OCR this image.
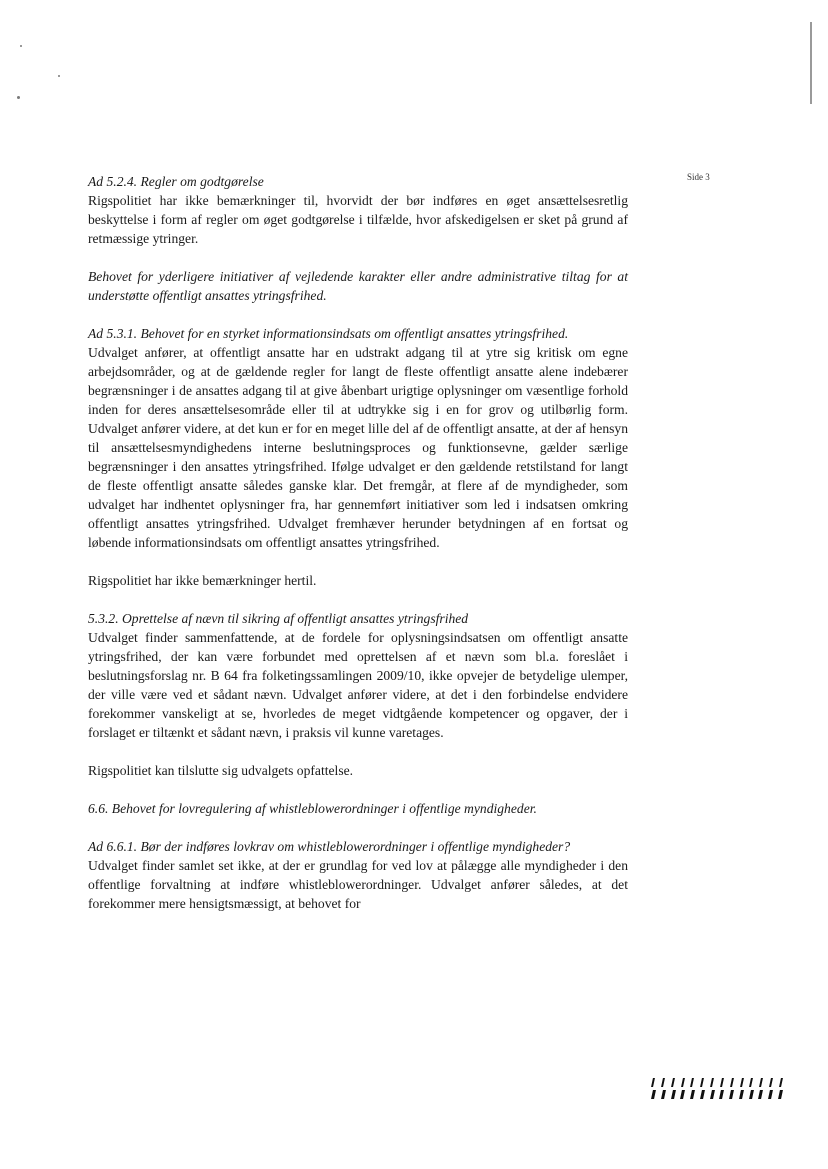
Side 3

Ad 5.2.4. Regler om godtgørelse

Rigspolitiet har ikke bemærkninger til, hvorvidt der bør indføres en øget ansættelsesretlig beskyttelse i form af regler om øget godtgørelse i tilfælde, hvor afskedigelsen er sket på grund af retmæssige ytringer.

Behovet for yderligere initiativer af vejledende karakter eller andre administrative tiltag for at understøtte offentligt ansattes ytringsfrihed.

Ad 5.3.1. Behovet for en styrket informationsindsats om offentligt ansattes ytringsfrihed.

Udvalget anfører, at offentligt ansatte har en udstrakt adgang til at ytre sig kritisk om egne arbejdsområder, og at de gældende regler for langt de fleste offentligt ansatte alene indebærer begrænsninger i de ansattes adgang til at give åbenbart urigtige oplysninger om væsentlige forhold inden for deres ansættelsesområde eller til at udtrykke sig i en for grov og utilbørlig form. Udvalget anfører videre, at det kun er for en meget lille del af de offentligt ansatte, at der af hensyn til ansættelsesmyndighedens interne beslutningsproces og funktionsevne, gælder særlige begrænsninger i den ansattes ytringsfrihed. Ifølge udvalget er den gældende retstilstand for langt de fleste offentligt ansatte således ganske klar. Det fremgår, at flere af de myndigheder, som udvalget har indhentet oplysninger fra, har gennemført initiativer som led i indsatsen omkring offentligt ansattes ytringsfrihed. Udvalget fremhæver herunder betydningen af en fortsat og løbende informationsindsats om offentligt ansattes ytringsfrihed.

Rigspolitiet har ikke bemærkninger hertil.

5.3.2. Oprettelse af nævn til sikring af offentligt ansattes ytringsfrihed

Udvalget finder sammenfattende, at de fordele for oplysningsindsatsen om offentligt ansatte ytringsfrihed, der kan være forbundet med oprettelsen af et nævn som bl.a. foreslået i beslutningsforslag nr. B 64 fra folketingssamlingen 2009/10, ikke opvejer de betydelige ulemper, der ville være ved et sådant nævn. Udvalget anfører videre, at det i den forbindelse endvidere forekommer vanskeligt at se, hvorledes de meget vidtgående kompetencer og opgaver, der i forslaget er tiltænkt et sådant nævn, i praksis vil kunne varetages.

Rigspolitiet kan tilslutte sig udvalgets opfattelse.

6.6. Behovet for lovregulering af whistleblowerordninger i offentlige myndigheder.

Ad 6.6.1. Bør der indføres lovkrav om whistleblowerordninger i offentlige myndigheder?

Udvalget finder samlet set ikke, at der er grundlag for ved lov at pålægge alle myndigheder i den offentlige forvaltning at indføre whistleblowerordninger. Udvalget anfører således, at det forekommer mere hensigtsmæssigt, at behovet for
